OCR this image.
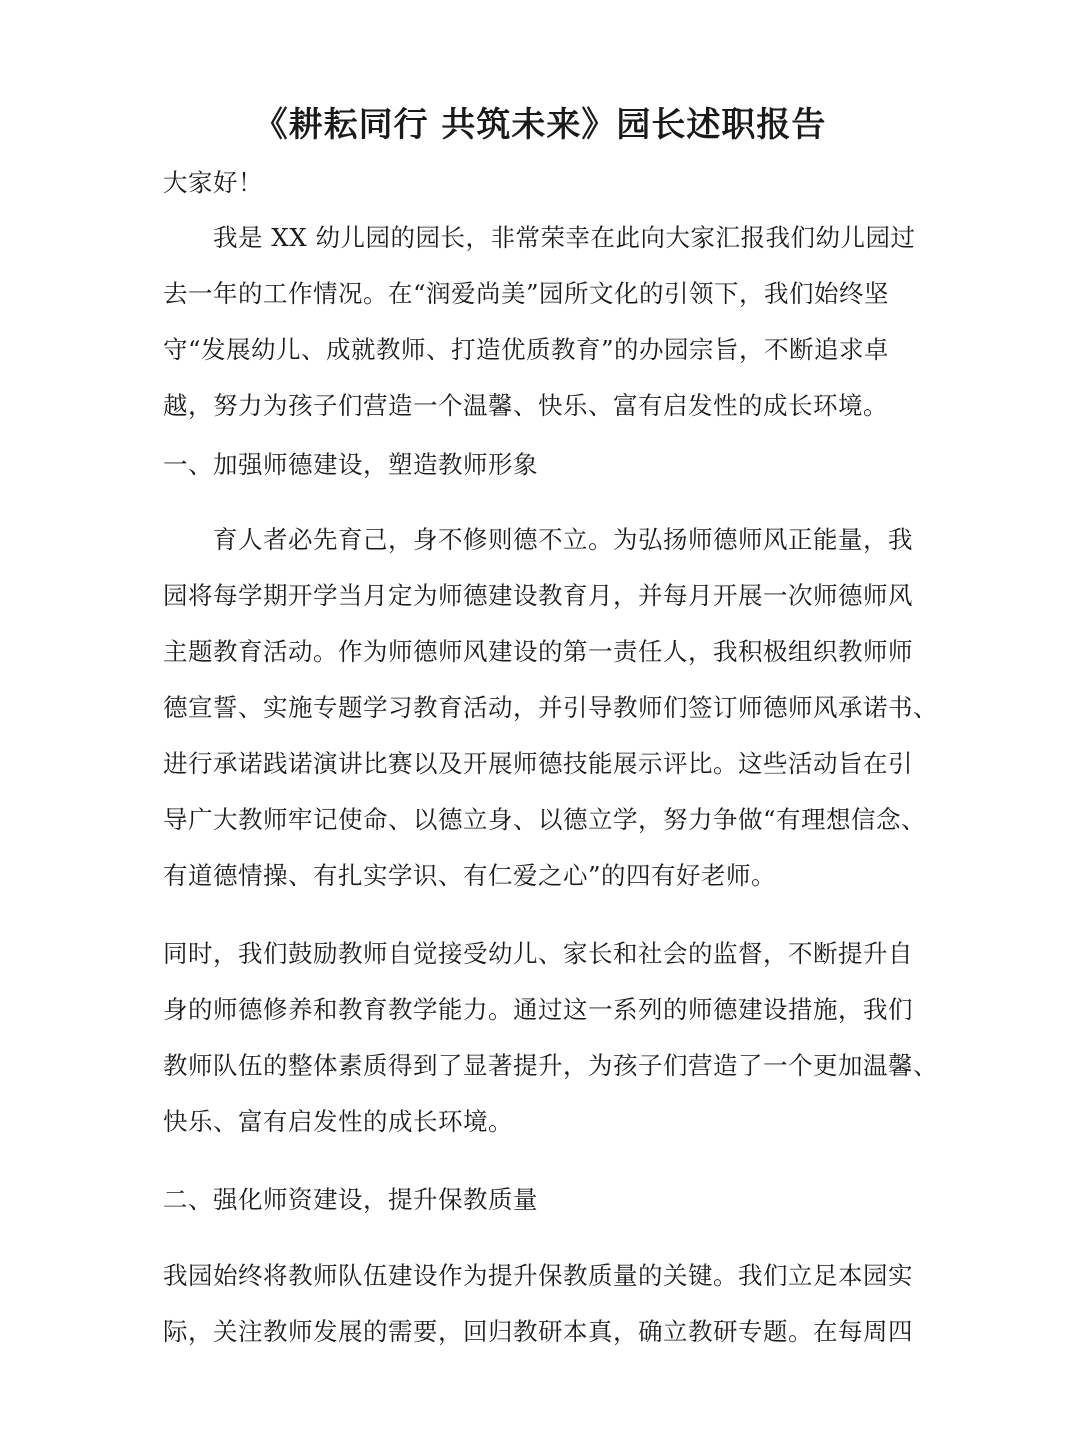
《耕耘同行 共筑未来》园长述职报告
大家好！
我是 XX 幼儿园的园长，非常荣幸在此向大家汇报我们幼儿园过
去一年的工作情况。在“润爱尚美”园所文化的引领下，我们始终坚
守“发展幼儿、成就教师、打造优质教育”的办园宗旨，不断追求卓
越，努力为孩子们营造一个温馨、快乐、富有启发性的成长环境。
一、加强师德建设，塑造教师形象
育人者必先育己，身不修则德不立。为弘扬师德师风正能量，我
园将每学期开学当月定为师德建设教育月，并每月开展一次师德师风
主题教育活动。作为师德师风建设的第一责任人，我积极组织教师师
德宣誓、实施专题学习教育活动，并引导教师们签订师德师风承诺书、
进行承诺践诺演讲比赛以及开展师德技能展示评比。这些活动旨在引
导广大教师牢记使命、以德立身、以德立学，努力争做“有理想信念、
有道德情操、有扎实学识、有仁爱之心”的四有好老师。
同时，我们鼓励教师自觉接受幼儿、家长和社会的监督，不断提升自
身的师德修养和教育教学能力。通过这一系列的师德建设措施，我们
教师队伍的整体素质得到了显著提升，为孩子们营造了一个更加温馨、
快乐、富有启发性的成长环境。
二、强化师资建设，提升保教质量
我园始终将教师队伍建设作为提升保教质量的关键。我们立足本园实
际，关注教师发展的需要，回归教研本真，确立教研专题。在每周四
